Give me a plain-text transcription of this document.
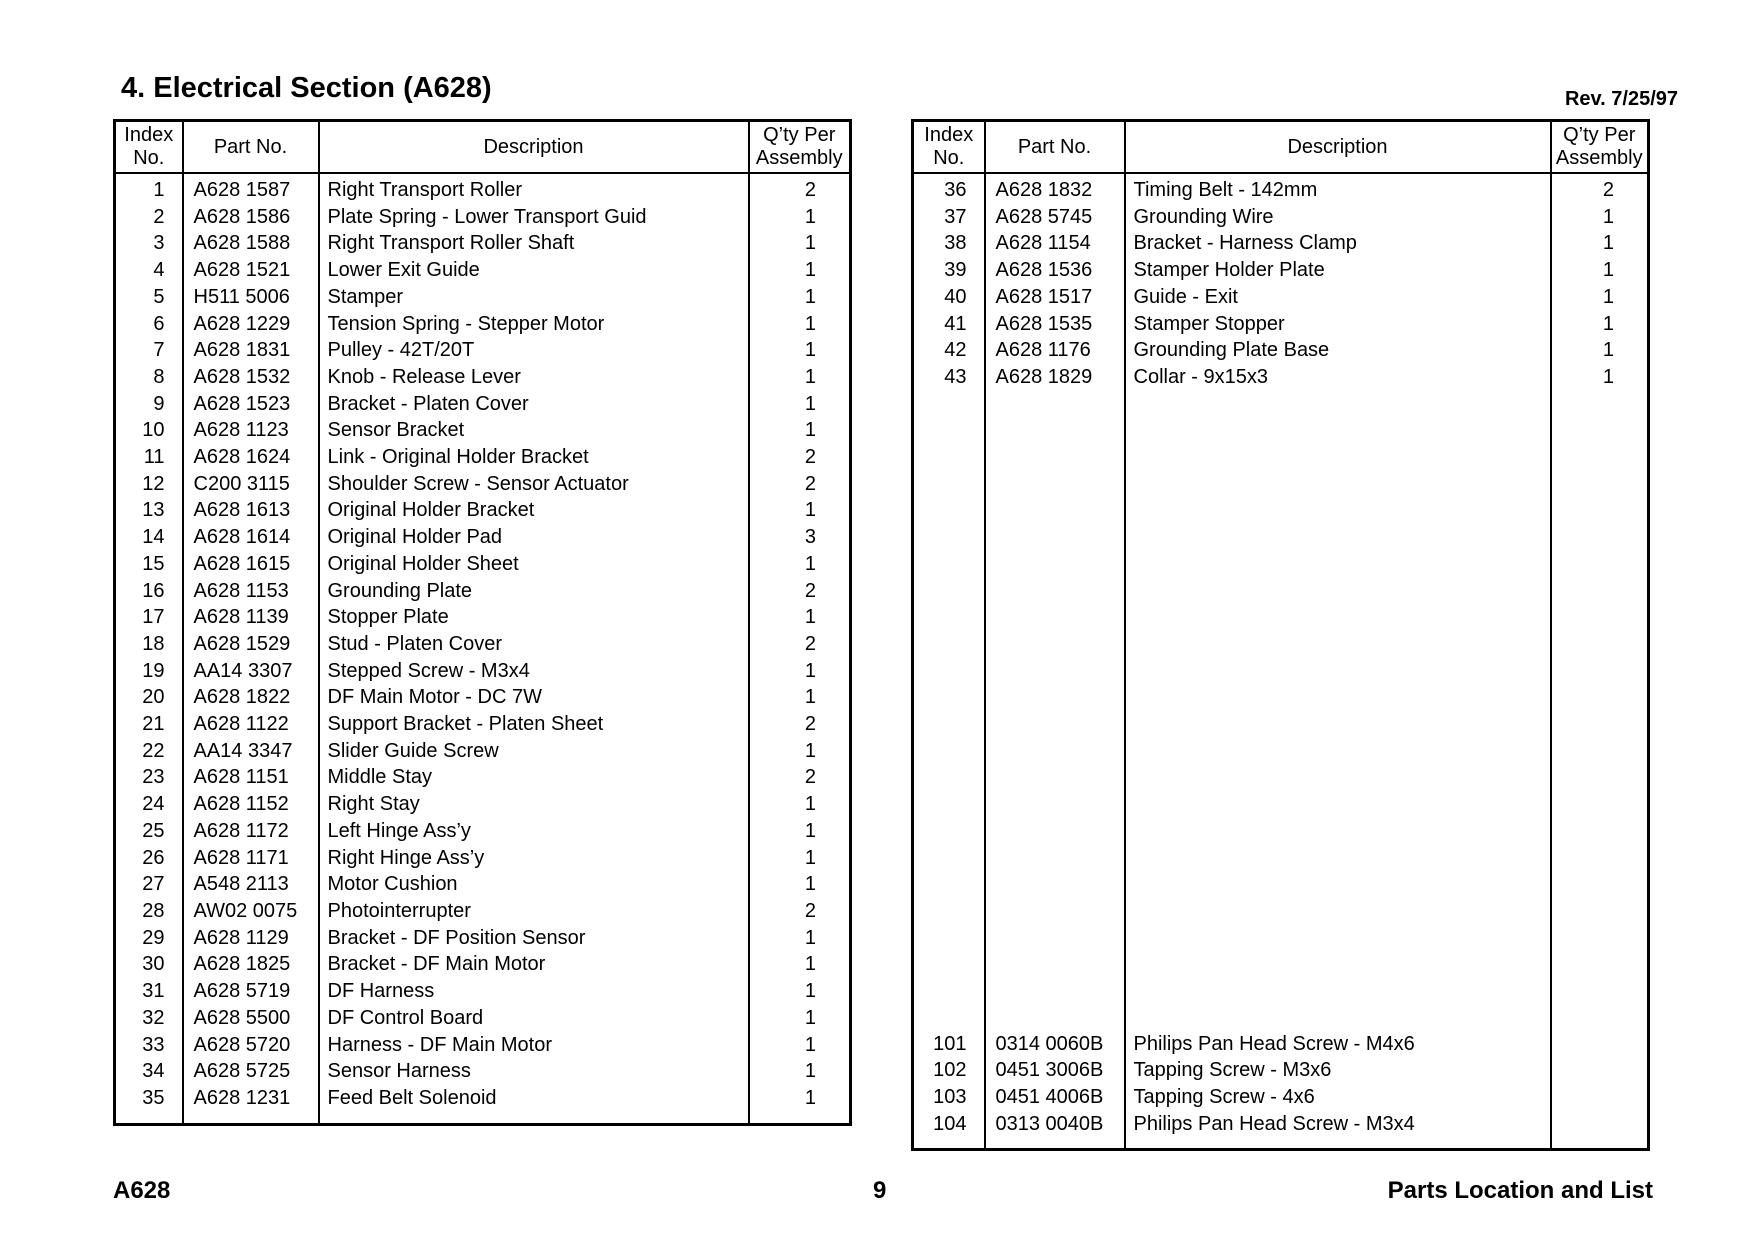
4. Electrical Section (A628)	Rev. 7/25/97
Index No.	Part No.	Description	Q’ty Per Assembly
1	A628 1587	Right Transport Roller	2
2	A628 1586	Plate Spring - Lower Transport Guid	1
3	A628 1588	Right Transport Roller Shaft	1
4	A628 1521	Lower Exit Guide	1
5	H511 5006	Stamper	1
6	A628 1229	Tension Spring - Stepper Motor	1
7	A628 1831	Pulley - 42T/20T	1
8	A628 1532	Knob - Release Lever	1
9	A628 1523	Bracket - Platen Cover	1
10	A628 1123	Sensor Bracket	1
11	A628 1624	Link - Original Holder Bracket	2
12	C200 3115	Shoulder Screw - Sensor Actuator	2
13	A628 1613	Original Holder Bracket	1
14	A628 1614	Original Holder Pad	3
15	A628 1615	Original Holder Sheet	1
16	A628 1153	Grounding Plate	2
17	A628 1139	Stopper Plate	1
18	A628 1529	Stud - Platen Cover	2
19	AA14 3307	Stepped Screw - M3x4	1
20	A628 1822	DF Main Motor - DC 7W	1
21	A628 1122	Support Bracket - Platen Sheet	2
22	AA14 3347	Slider Guide Screw	1
23	A628 1151	Middle Stay	2
24	A628 1152	Right Stay	1
25	A628 1172	Left Hinge Ass’y	1
26	A628 1171	Right Hinge Ass’y	1
27	A548 2113	Motor Cushion	1
28	AW02 0075	Photointerrupter	2
29	A628 1129	Bracket - DF Position Sensor	1
30	A628 1825	Bracket - DF Main Motor	1
31	A628 5719	DF Harness	1
32	A628 5500	DF Control Board	1
33	A628 5720	Harness - DF Main Motor	1
34	A628 5725	Sensor Harness	1
35	A628 1231	Feed Belt Solenoid	1

Index No.	Part No.	Description	Q’ty Per Assembly
36	A628 1832	Timing Belt - 142mm	2
37	A628 5745	Grounding Wire	1
38	A628 1154	Bracket - Harness Clamp	1
39	A628 1536	Stamper Holder Plate	1
40	A628 1517	Guide - Exit	1
41	A628 1535	Stamper Stopper	1
42	A628 1176	Grounding Plate Base	1
43	A628 1829	Collar - 9x15x3	1

101	0314 0060B	Philips Pan Head Screw - M4x6	
102	0451 3006B	Tapping Screw - M3x6	
103	0451 4006B	Tapping Screw - 4x6	
104	0313 0040B	Philips Pan Head Screw - M3x4	

A628	9	Parts Location and List
